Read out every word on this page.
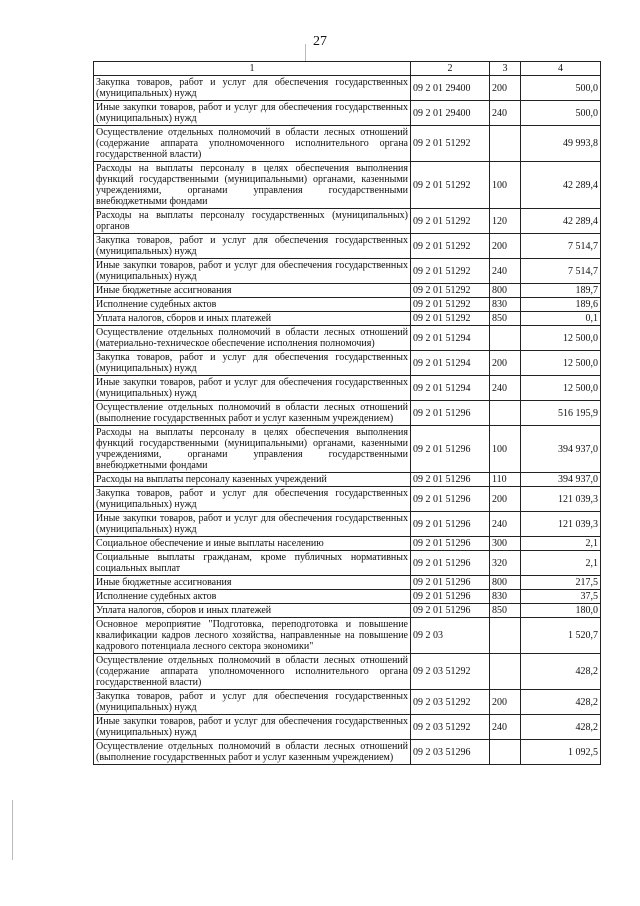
27
1	2	3	4
Закупка товаров, работ и услуг для обеспечения государственных (муниципальных) нужд	09 2 01 29400	200	500,0
Иные закупки товаров, работ и услуг для обеспечения государственных (муниципальных) нужд	09 2 01 29400	240	500,0
Осуществление отдельных полномочий в области лесных отношений (содержание аппарата уполномоченного исполнительного органа государственной власти)	09 2 01 51292		49 993,8
Расходы на выплаты персоналу в целях обеспечения выполнения функций государственными (муниципальными) органами, казенными учреждениями, органами управления государственными внебюджетными фондами	09 2 01 51292	100	42 289,4
Расходы на выплаты персоналу государственных (муниципальных) органов	09 2 01 51292	120	42 289,4
Закупка товаров, работ и услуг для обеспечения государственных (муниципальных) нужд	09 2 01 51292	200	7 514,7
Иные закупки товаров, работ и услуг для обеспечения государственных (муниципальных) нужд	09 2 01 51292	240	7 514,7
Иные бюджетные ассигнования	09 2 01 51292	800	189,7
Исполнение судебных актов	09 2 01 51292	830	189,6
Уплата налогов, сборов и иных платежей	09 2 01 51292	850	0,1
Осуществление отдельных полномочий в области лесных отношений (материально-техническое обеспечение исполнения полномочия)	09 2 01 51294		12 500,0
Закупка товаров, работ и услуг для обеспечения государственных (муниципальных) нужд	09 2 01 51294	200	12 500,0
Иные закупки товаров, работ и услуг для обеспечения государственных (муниципальных) нужд	09 2 01 51294	240	12 500,0
Осуществление отдельных полномочий в области лесных отношений (выполнение государственных работ и услуг казенным учреждением)	09 2 01 51296		516 195,9
Расходы на выплаты персоналу в целях обеспечения выполнения функций государственными (муниципальными) органами, казенными учреждениями, органами управления государственными внебюджетными фондами	09 2 01 51296	100	394 937,0
Расходы на выплаты персоналу казенных учреждений	09 2 01 51296	110	394 937,0
Закупка товаров, работ и услуг для обеспечения государственных (муниципальных) нужд	09 2 01 51296	200	121 039,3
Иные закупки товаров, работ и услуг для обеспечения государственных (муниципальных) нужд	09 2 01 51296	240	121 039,3
Социальное обеспечение и иные выплаты населению	09 2 01 51296	300	2,1
Социальные выплаты гражданам, кроме публичных нормативных социальных выплат	09 2 01 51296	320	2,1
Иные бюджетные ассигнования	09 2 01 51296	800	217,5
Исполнение судебных актов	09 2 01 51296	830	37,5
Уплата налогов, сборов и иных платежей	09 2 01 51296	850	180,0
Основное мероприятие "Подготовка, переподготовка и повышение квалификации кадров лесного хозяйства, направленные на повышение кадрового потенциала лесного сектора экономики"	09 2 03		1 520,7
Осуществление отдельных полномочий в области лесных отношений (содержание аппарата уполномоченного исполнительного органа государственной власти)	09 2 03 51292		428,2
Закупка товаров, работ и услуг для обеспечения государственных (муниципальных) нужд	09 2 03 51292	200	428,2
Иные закупки товаров, работ и услуг для обеспечения государственных (муниципальных) нужд	09 2 03 51292	240	428,2
Осуществление отдельных полномочий в области лесных отношений (выполнение государственных работ и услуг казенным учреждением)	09 2 03 51296		1 092,5
